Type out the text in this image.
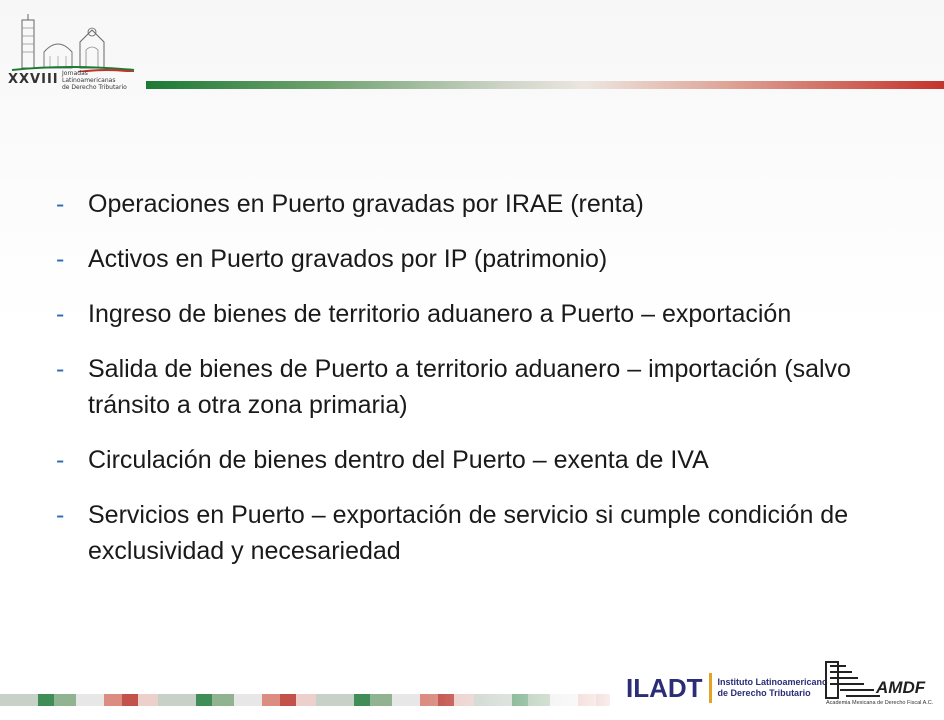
XXVIII Jornadas Latinoamericanas
de Derecho Tributario
- Operaciones en Puerto gravadas por IRAE (renta)
- Activos en Puerto gravados por IP (patrimonio)
- Ingreso de bienes de territorio aduanero a Puerto – exportación
- Salida de bienes de Puerto a territorio aduanero – importación (salvo tránsito a otra zona primaria)
- Circulación de bienes dentro del Puerto – exenta de IVA
- Servicios en Puerto – exportación de servicio si cumple condición de exclusividad y necesariedad
ILADT Instituto Latinoamericano
de Derecho Tributario	AMDF
Academia Mexicana de Derecho Fiscal A.C.
